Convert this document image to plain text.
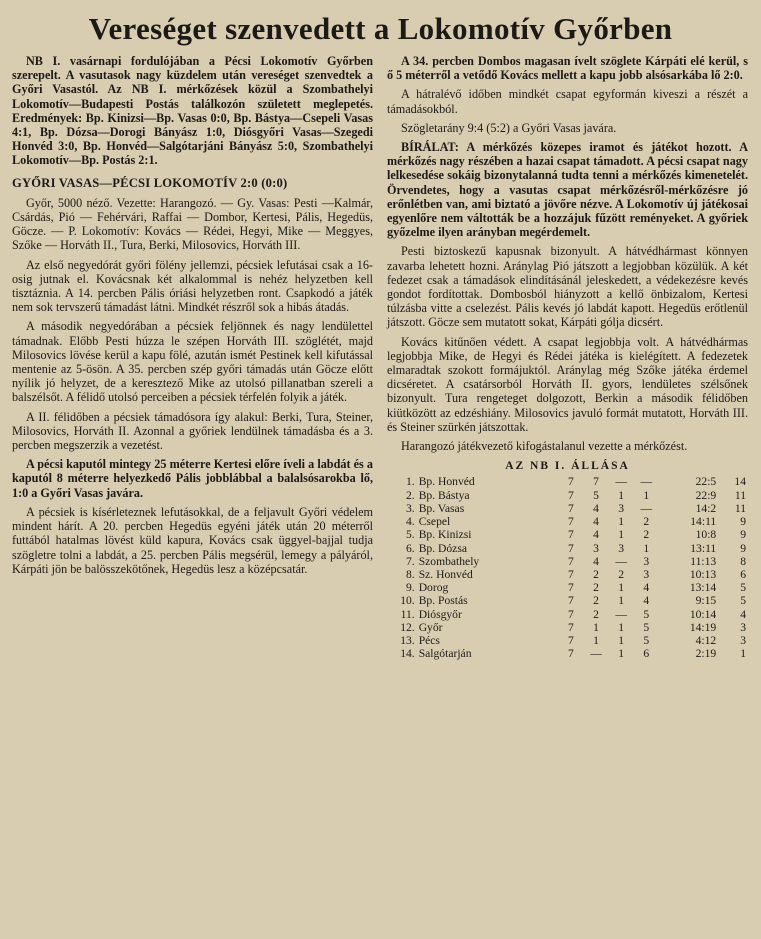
Vereséget szenvedett a Lokomotív Győrben

NB I. vasárnapi fordulójában a Pécsi Lokomotív Győrben szerepelt. A vasutasok nagy küzdelem után vereséget szenvedtek a Győri Vasastól. Az NB I. mérkőzések közül a Szombathelyi Lokomotív—Budapesti Postás találkozón született meglepetés. Eredmények: Bp. Kinizsi—Bp. Vasas 0:0, Bp. Bástya—Csepeli Vasas 4:1, Bp. Dózsa—Dorogi Bányász 1:0, Diósgyőri Vasas—Szegedi Honvéd 3:0, Bp. Honvéd—Salgótarjáni Bányász 5:0, Szombathelyi Lokomotív—Bp. Postás 2:1.

GYŐRI VASAS—PÉCSI LOKOMOTÍV 2:0 (0:0)

Győr, 5000 néző. Vezette: Harangozó. — Gy. Vasas: Pesti —Kalmár, Csárdás, Pió — Fehérvári, Raffai — Dombor, Kertesi, Pális, Hegedüs, Göcze. — P. Lokomotív: Kovács — Rédei, Hegyi, Mike — Meggyes, Szőke — Horváth II., Tura, Berki, Milosovics, Horváth III.

Az első negyedórát győri fölény jellemzi, pécsiek lefutásai csak a 16-osig jutnak el. Kovácsnak két alkalommal is nehéz helyzetben kell tisztáznia. A 14. percben Pális óriási helyzetben ront. Csapkodó a játék nem sok tervszerű támadást látni. Mindkét részről sok a hibás átadás.

A második negyedórában a pécsiek feljönnek és nagy lendülettel támadnak. Előbb Pesti húzza le szépen Horváth III. szöglétét, majd Milosovics lövése kerül a kapu fölé, azután ismét Pestinek kell kifutással mentenie az 5-ösön. A 35. percben szép győri támadás után Göcze előtt nyílik jó helyzet, de a keresztező Mike az utolsó pillanatban szereli a balszélsőt. A félidő utolsó perceiben a pécsiek térfelén folyik a játék.

A II. félidőben a pécsiek támadósora így alakul: Berki, Tura, Steiner, Milosovics, Horváth II. Azonnal a győriek lendülnek támadásba és a 3. percben megszerzik a vezetést.

A pécsi kaputól mintegy 25 méterre Kertesi előre íveli a labdát és a kaputól 8 méterre helyezkedő Pális jobblábbal a balalsósarokba lő, 1:0 a Győri Vasas javára.

A pécsiek is kísérleteznek lefutásokkal, de a feljavult Győri védelem mindent hárít. A 20. percben Hegedüs egyéni játék után 20 méterről futtából hatalmas lövést küld kapura, Kovács csak üggyel-bajjal tudja szögletre tolni a labdát, a 25. percben Pális megsérül, lemegy a pályáról, Kárpáti jön be balösszekötőnek, Hegedüs lesz a középcsatár.

A 34. percben Dombos magasan ívelt szöglete Kárpáti elé kerül, s ő 5 méterről a vetődő Kovács mellett a kapu jobb alsósarkába lő 2:0.

A hátralévő időben mindkét csapat egyformán kiveszi a részét a támadásokból.

Szögletarány 9:4 (5:2) a Győri Vasas javára.

BÍRÁLAT: A mérkőzés közepes iramot és játékot hozott. A mérkőzés nagy részében a hazai csapat támadott. A pécsi csapat nagy lelkesedése sokáig bizonytalanná tudta tenni a mérkőzés kimenetelét. Örvendetes, hogy a vasutas csapat mérkőzésről-mérkőzésre jó erőnlétben van, ami biztató a jövőre nézve. A Lokomotív új játékosai egyenlőre nem váltották be a hozzájuk fűzött reményeket. A győriek győzelme ilyen arányban megérdemelt.

Pesti biztoskezű kapusnak bizonyult. A hátvédhármast könnyen zavarba lehetett hozni. Aránylag Pió játszott a legjobban közülük. A két fedezet csak a támadások elindításánál jeleskedett, a védekezésre kevés gondot fordítottak. Dombosból hiányzott a kellő önbizalom, Kertesi túlzásba vitte a cselezést. Pális kevés jó labdát kapott. Hegedüs erőtlenül játszott. Göcze sem mutatott sokat, Kárpáti gólja dicsért.

Kovács kitűnően védett. A csapat legjobbja volt. A hátvédhármas legjobbja Mike, de Hegyi és Rédei játéka is kielégített. A fedezetek elmaradtak szokott formájuktól. Aránylag még Szőke játéka érdemel dicséretet. A csatársorból Horváth II. gyors, lendületes szélsőnek bizonyult. Tura rengeteget dolgozott, Berkin a második félidőben kiütközött az edzéshiány. Milosovics javuló formát mutatott, Horváth III. és Steiner szürkén játszottak.

Harangozó játékvezető kifogástalanul vezette a mérkőzést.

AZ NB I. ÁLLÁSA
1.	Bp. Honvéd	7	7	—	—	22:5	14
2.	Bp. Bástya	7	5	1	1	22:9	11
3.	Bp. Vasas	7	4	3	—	14:2	11
4.	Csepel	7	4	1	2	14:11	9
5.	Bp. Kinizsi	7	4	1	2	10:8	9
6.	Bp. Dózsa	7	3	3	1	13:11	9
7.	Szombathely	7	4	—	3	11:13	8
8.	Sz. Honvéd	7	2	2	3	10:13	6
9.	Dorog	7	2	1	4	13:14	5
10.	Bp. Postás	7	2	1	4	9:15	5
11.	Diósgyőr	7	2	—	5	10:14	4
12.	Győr	7	1	1	5	14:19	3
13.	Pécs	7	1	1	5	4:12	3
14.	Salgótarján	7	—	1	6	2:19	1
